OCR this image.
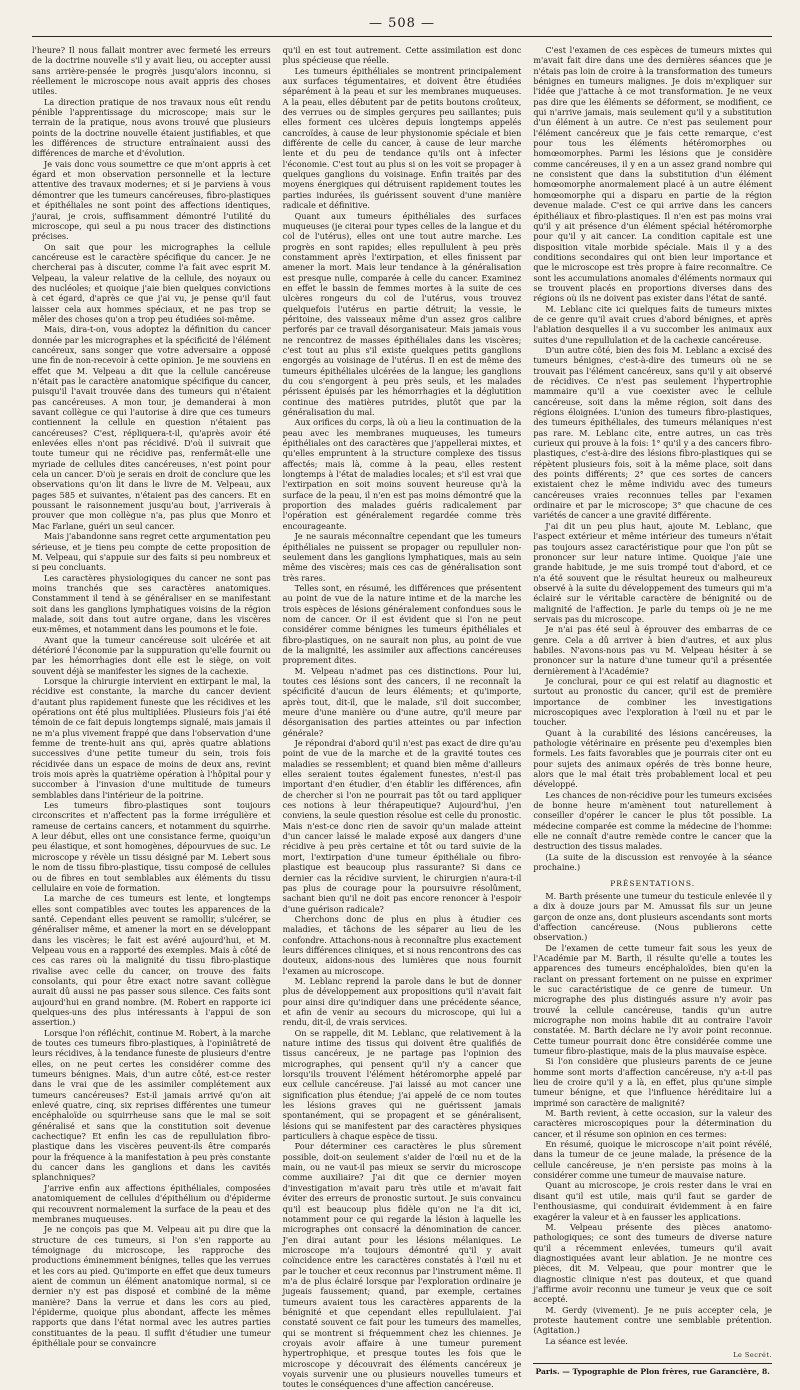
— 508 —

l'heure? Il nous fallait montrer avec fermeté les erreurs de la doctrine nouvelle s'il y avait lieu, ou accepter aussi sans arrière-pensée le progrès jusqu'alors inconnu, si réellement le microscope nous avait appris des choses utiles.

La direction pratique de nos travaux nous eût rendu pénible l'apprentissage du microscope; mais sur le terrain de la pratique, nous avons trouvé que plusieurs points de la doctrine nouvelle étaient justifiables, et que les différences de structure entraînaient aussi des différences de marche et d'évolution.

Je vais donc vous soumettre ce que m'ont appris à cet égard et mon observation personnelle et la lecture attentive des travaux modernes; et si je parviens à vous démontrer que les tumeurs cancéreuses, fibro-plastiques et épithéliales ne sont point des affections identiques, j'aurai, je crois, suffisamment démontré l'utilité du microscope, qui seul a pu nous tracer des distinctions précises.

On sait que pour les micrographes la cellule cancéreuse est le caractère spécifique du cancer. Je ne chercherai pas à discuter, comme l'a fait avec esprit M. Velpeau, la valeur relative de la cellule, des noyaux ou des nucléoles; et quoique j'aie bien quelques convictions à cet égard, d'après ce que j'ai vu, je pense qu'il faut laisser cela aux hommes spéciaux, et ne pas trop se mêler des choses qu'on a trop peu étudiées soi-même.

Mais, dira-t-on, vous adoptez la définition du cancer donnée par les micrographes et la spécificité de l'élément cancéreux, sans songer que votre adversaire a opposé une fin de non-recevoir à cette opinion. Je me souviens en effet que M. Velpeau a dit que la cellule cancéreuse n'était pas le caractère anatomique spécifique du cancer, puisqu'il l'avait trouvée dans des tumeurs qui n'étaient pas cancéreuses. A mon tour, je demanderai à mon savant collègue ce qui l'autorise à dire que ces tumeurs contiennent la cellule en question n'étaient pas cancéreuses? C'est, répliquera-t-il, qu'après avoir été enlevées elles n'ont pas récidivé. D'où il suivrait que toute tumeur qui ne récidive pas, renfermât-elle une myriade de cellules dites cancéreuses, n'est point pour cela un cancer. D'où je serais en droit de conclure que les observations qu'on lit dans le livre de M. Velpeau, aux pages 585 et suivantes, n'étaient pas des cancers. Et en poussant le raisonnement jusqu'au bout, j'arriverais à prouver que mon collègue n'a, pas plus que Monro et Mac Farlane, guéri un seul cancer.

Mais j'abandonne sans regret cette argumentation peu sérieuse, et je tiens peu compte de cette proposition de M. Velpeau, qui s'appuie sur des faits si peu nombreux et si peu concluants.

Les caractères physiologiques du cancer ne sont pas moins tranchés que ses caractères anatomiques. Constamment il tend à se généraliser en se manifestant soit dans les ganglions lymphatiques voisins de la région malade, soit dans tout autre organe, dans les viscères eux-mêmes, et notamment dans les poumons et le foie.

Avant que la tumeur cancéreuse soit ulcérée et ait détérioré l'économie par la suppuration qu'elle fournit ou par les hémorrhagies dont elle est le siège, on voit souvent déjà se manifester les signes de la cachexie.

Lorsque la chirurgie intervient en extirpant le mal, la récidive est constante, la marche du cancer devient d'autant plus rapidement funeste que les récidives et les opérations ont été plus multipliées. Plusieurs fois j'ai été témoin de ce fait depuis longtemps signalé, mais jamais il ne m'a plus vivement frappé que dans l'observation d'une femme de trente-huit ans qui, après quatre ablations successives d'une petite tumeur du sein, trois fois récidivée dans un espace de moins de deux ans, revint trois mois après la quatrième opération à l'hôpital pour y succomber à l'invasion d'une multitude de tumeurs semblables dans l'intérieur de la poitrine.

Les tumeurs fibro-plastiques sont toujours circonscrites et n'affectent pas la forme irrégulière et rameuse de certains cancers, et notamment du squirrhe. A leur début, elles ont une consistance ferme, quoiqu'un peu élastique, et sont homogènes, dépourvues de suc. Le microscope y révèle un tissu désigné par M. Lebert sous le nom de tissu fibro-plastique, tissu composé de cellules ou de fibres en tout semblables aux éléments du tissu cellulaire en voie de formation.

La marche de ces tumeurs est lente, et longtemps elles sont compatibles avec toutes les apparences de la santé. Cependant elles peuvent se ramollir, s'ulcérer, se généraliser même, et amener la mort en se développant dans les viscères; le fait est avéré aujourd'hui, et M. Velpeau vous en a rapporté des exemples. Mais à côté de ces cas rares où la malignité du tissu fibro-plastique rivalise avec celle du cancer, on trouve des faits consolants, qui pour être exact notre savant collègue aurait dû aussi ne pas passer sous silence. Ces faits sont aujourd'hui en grand nombre. (M. Robert en rapporte ici quelques-uns des plus intéressants à l'appui de son assertion.)

Lorsque l'on réfléchit, continue M. Robert, à la marche de toutes ces tumeurs fibro-plastiques, à l'opiniâtreté de leurs récidives, à la tendance funeste de plusieurs d'entre elles, on ne peut certes les considérer comme des tumeurs bénignes. Mais, d'un autre côté, est-ce rester dans le vrai que de les assimiler complétement aux tumeurs cancéreuses? Est-il jamais arrivé qu'on ait enlevé quatre, cinq, six reprises différentes une tumeur encéphaloïde ou squirrheuse sans que le mal se soit généralisé et sans que la constitution soit devenue cachectique? Et enfin les cas de repullulation fibro-plastique dans les viscères peuvent-ils être comparés pour la fréquence à la manifestation à peu près constante du cancer dans les ganglions et dans les cavités splanchniques?

J'arrive enfin aux affections épithéliales, composées anatomiquement de cellules d'épithélium ou d'épiderme qui recouvrent normalement la surface de la peau et des membranes muqueuses.

Je ne conçois pas que M. Velpeau ait pu dire que la structure de ces tumeurs, si l'on s'en rapporte au témoignage du microscope, les rapproche des productions éminemment bénignes, telles que les verrues et les cors au pied. Qu'importe en effet que deux tumeurs aient de commun un élément anatomique normal, si ce dernier n'y est pas disposé et combiné de la même manière? Dans la verrue et dans les cors au pied, l'épiderme, quoique plus abondant, affecte les mêmes rapports que dans l'état normal avec les autres parties constituantes de la peau. Il suffit d'étudier une tumeur épithéliale pour se convaincre

qu'il en est tout autrement. Cette assimilation est donc plus spécieuse que réelle.

Les tumeurs épithéliales se montrent principalement aux surfaces tégumentaires, et doivent être étudiées séparément à la peau et sur les membranes muqueuses. A la peau, elles débutent par de petits boutons croûteux, des verrues ou de simples gerçures peu saillantes; puis elles forment ces ulcères depuis longtemps appelés cancroïdes, à cause de leur physionomie spéciale et bien différente de celle du cancer, à cause de leur marche lente et du peu de tendance qu'ils ont à infecter l'économie. C'est tout au plus si on les voit se propager à quelques ganglions du voisinage. Enfin traités par des moyens énergiques qui détruisent rapidement toutes les parties indurées, ils guérissent souvent d'une manière radicale et définitive.

Quant aux tumeurs épithéliales des surfaces muqueuses (je citerai pour types celles de la langue et du col de l'utérus), elles ont une tout autre marche. Les progrès en sont rapides; elles repullulent à peu près constamment après l'extirpation, et elles finissent par amener la mort. Mais leur tendance à la généralisation est presque nulle, comparée à celle du cancer. Examinez en effet le bassin de femmes mortes à la suite de ces ulcères rongeurs du col de l'utérus, vous trouvez quelquefois l'utérus en partie détruit; la vessie, le péritoine, des vaisseaux même d'un assez gros calibre perforés par ce travail désorganisateur. Mais jamais vous ne rencontrez de masses épithéliales dans les viscères; c'est tout au plus s'il existe quelques petits ganglions engorgés au voisinage de l'utérus. Il en est de même des tumeurs épithéliales ulcérées de la langue; les ganglions du cou s'engorgent à peu près seuls, et les malades périssent épuisés par les hémorrhagies et la déglutition continue des matières putrides, plutôt que par la généralisation du mal.

Aux orifices du corps, là où a lieu la continuation de la peau avec les membranes muqueuses, les tumeurs épithéliales ont des caractères que j'appellerai mixtes, et qu'elles empruntent à la structure complexe des tissus affectés; mais là, comme à la peau, elles restent longtemps à l'état de maladies locales; et s'il est vrai que l'extirpation en soit moins souvent heureuse qu'à la surface de la peau, il n'en est pas moins démontré que la proportion des malades guéris radicalement par l'opération est généralement regardée comme très encourageante.

Je ne saurais méconnaître cependant que les tumeurs épithéliales ne puissent se propager ou repulluler non-seulement dans les ganglions lymphatiques, mais au sein même des viscères; mais ces cas de généralisation sont très rares.

Telles sont, en résumé, les différences que présentent au point de vue de la nature intime et de la marche les trois espèces de lésions généralement confondues sous le nom de cancer. Or il est évident que si l'on ne peut considérer comme bénignes les tumeurs épithéliales et fibro-plastiques, on ne saurait non plus, au point de vue de la malignité, les assimiler aux affections cancéreuses proprement dites.

M. Velpeau n'admet pas ces distinctions. Pour lui, toutes ces lésions sont des cancers, il ne reconnaît la spécificité d'aucun de leurs éléments; et qu'importe, après tout, dit-il, que le malade, s'il doit succomber, meure d'une manière ou d'une autre, qu'il meure par désorganisation des parties atteintes ou par infection générale?

Je répondrai d'abord qu'il n'est pas exact de dire qu'au point de vue de la marche et de la gravité toutes ces maladies se ressemblent; et quand bien même d'ailleurs elles seraient toutes également funestes, n'est-il pas important d'en étudier, d'en établir les différences, afin de chercher si l'on ne pourrait pas tôt ou tard appliquer ces notions à leur thérapeutique? Aujourd'hui, j'en conviens, la seule question résolue est celle du pronostic. Mais n'est-ce donc rien de savoir qu'un malade atteint d'un cancer laissé le malade exposé aux dangers d'une récidive à peu près certaine et tôt ou tard suivie de la mort, l'extirpation d'une tumeur épithéliale ou fibro-plastique est beaucoup plus rassurante? Si dans ce dernier cas la récidive survient, le chirurgien n'aura-t-il pas plus de courage pour la poursuivre résolûment, sachant bien qu'il ne doit pas encore renoncer à l'espoir d'une guérison radicale?

Cherchons donc de plus en plus à étudier ces maladies, et tâchons de les séparer au lieu de les confondre. Attachons-nous à reconnaître plus exactement leurs différences cliniques, et si nous rencontrons des cas douteux, aidons-nous des lumières que nous fournit l'examen au microscope.

M. Leblanc reprend la parole dans le but de donner plus de développement aux propositions qu'il n'avait fait pour ainsi dire qu'indiquer dans une précédente séance, et afin de venir au secours du microscope, qui lui a rendu, dit-il, de vrais services.

On se rappelle, dit M. Leblanc, que relativement à la nature intime des tissus qui doivent être qualifiés de tissus cancéreux, je ne partage pas l'opinion des micrographes, qui pensent qu'il n'y a cancer que lorsqu'ils trouvent l'élément hétéromorphe appelé par eux cellule cancéreuse. J'ai laissé au mot cancer une signification plus étendue; j'ai appelé de ce nom toutes les lésions graves qui ne guérissent jamais spontanément, qui se propagent et se généralisent, lésions qui se manifestent par des caractères physiques particuliers à chaque espèce de tissu.

Pour déterminer ces caractères le plus sûrement possible, doit-on seulement s'aider de l'œil nu et de la main, ou ne vaut-il pas mieux se servir du microscope comme auxiliaire? J'ai dit que ce dernier moyen d'investigation m'avait paru très utile et m'avait fait éviter des erreurs de pronostic surtout. Je suis convaincu qu'il est beaucoup plus fidèle qu'on ne l'a dit ici, notamment pour ce qui regarde la lésion à laquelle les micrographes ont consacré la dénomination de cancer. J'en dirai autant pour les lésions mélaniques. Le microscope m'a toujours démontré qu'il y avait coïncidence entre les caractères constatés à l'œil nu et par le toucher et ceux reconnus par l'instrument même. Il m'a de plus éclairé lorsque par l'exploration ordinaire je jugeais faussement; quand, par exemple, certaines tumeurs avaient tous les caractères apparents de la bénignité et que cependant elles repullulaient. J'ai constaté souvent ce fait pour les tumeurs des mamelles, qui se montrent si fréquemment chez les chiennes. Je croyais avoir affaire à une tumeur purement hypertrophique, et presque toutes les fois que le microscope y découvrait des éléments cancéreux je voyais survenir une ou plusieurs nouvelles tumeurs et toutes le conséquences d'une affection cancéreuse.

C'est l'examen de ces espèces de tumeurs mixtes qui m'avait fait dire dans une des dernières séances que je n'étais pas loin de croire à la transformation des tumeurs bénignes en tumeurs malignes. Je dois m'expliquer sur l'idée que j'attache à ce mot transformation. Je ne veux pas dire que les éléments se déforment, se modifient, ce qui n'arrive jamais, mais seulement qu'il y a substitution d'un élément à un autre. Ce n'est pas seulement pour l'élément cancéreux que je fais cette remarque, c'est pour tous les éléments hétéromorphes ou homœomorphes. Parmi les lésions que je considère comme cancéreuses, il y en a un assez grand nombre qui ne consistent que dans la substitution d'un élément homœomorphe anormalement placé à un autre élément homœomorphe qui a disparu en partie de la région devenue malade. C'est ce qui arrive dans les cancers épithéliaux et fibro-plastiques. Il n'en est pas moins vrai qu'il y ait présence d'un élément spécial hétéromorphe pour qu'il y ait cancer. La condition capitale est une disposition vitale morbide spéciale. Mais il y a des conditions secondaires qui ont bien leur importance et que le microscope est très propre à faire reconnaître. Ce sont les accumulations anomales d'éléments normaux qui se trouvent placés en proportions diverses dans des régions où ils ne doivent pas exister dans l'état de santé.

M. Leblanc cite ici quelques faits de tumeurs mixtes de ce genre qu'il avait crues d'abord bénignes, et après l'ablation desquelles il a vu succomber les animaux aux suites d'une repullulation et de la cachexie cancéreuse.

D'un autre côté, bien des fois M. Leblanc a excisé des tumeurs bénignes, c'est-à-dire des tumeurs où ne se trouvait pas l'élément cancéreux, sans qu'il y ait observé de récidives. Ce n'est pas seulement l'hypertrophie mammaire qu'il a vue coexister avec le cellule cancéreuse, soit dans la même région, soit dans des régions éloignées. L'union des tumeurs fibro-plastiques, des tumeurs épithéliales, des tumeurs mélaniques n'est pas rare. M. Leblanc cite, entre autres, un cas très curieux qui prouve à la fois: 1° qu'il y a des cancers fibro-plastiques, c'est-à-dire des lésions fibro-plastiques qui se répètent plusieurs fois, soit à la même place, soit dans des points différents; 2° que ces sortes de cancers existaient chez le même individu avec des tumeurs cancéreuses vraies reconnues telles par l'examen ordinaire et par le microscope; 3° que chacune de ces variétés de cancer a une gravité différente.

J'ai dit un peu plus haut, ajoute M. Leblanc, que l'aspect extérieur et même intérieur des tumeurs n'était pas toujours assez caractéristique pour que l'on pût se prononcer sur leur nature intime. Quoique j'aie une grande habitude, je me suis trompé tout d'abord, et ce n'a été souvent que le résultat heureux ou malheureux observé à la suite du développement des tumeurs qui m'a éclairé sur le véritable caractère de bénignité ou de malignité de l'affection. Je parle du temps où je ne me servais pas du microscope.

Je n'ai pas été seul à éprouver des embarras de ce genre. Cela a dû arriver à bien d'autres, et aux plus habiles. N'avons-nous pas vu M. Velpeau hésiter à se prononcer sur la nature d'une tumeur qu'il a présentée dernièrement à l'Académie?

Je conclurai, pour ce qui est relatif au diagnostic et surtout au pronostic du cancer, qu'il est de première importance de combiner les investigations microscopiques avec l'exploration à l'œil nu et par le toucher.

Quant à la curabilité des lésions cancéreuses, la pathologie vétérinaire en présente peu d'exemples bien formels. Les faits favorables que je pourrais citer ont eu pour sujets des animaux opérés de très bonne heure, alors que le mal était très probablement local et peu développé.

Les chances de non-récidive pour les tumeurs excisées de bonne heure m'amènent tout naturellement à conseiller d'opérer le cancer le plus tôt possible. La médecine comparée est comme la médecine de l'homme: elle ne connaît d'autre remède contre le cancer que la destruction des tissus malades.

(La suite de la discussion est renvoyée à la séance prochaine.)

PRÉSENTATIONS.

M. Barth présente une tumeur du testicule enlevée il y a dix à douze jours par M. Amussat fils sur un jeune garçon de onze ans, dont plusieurs ascendants sont morts d'affection cancéreuse. (Nous publierons cette observation.)

De l'examen de cette tumeur fait sous les yeux de l'Académie par M. Barth, il résulte qu'elle a toutes les apparences des tumeurs encéphaloïdes, bien qu'en la raclant on pressant fortement on ne puisse en exprimer le suc caractéristique de ce genre de tumeur. Un micrographe des plus distingués assure n'y avoir pas trouvé la cellule cancéreuse, tandis qu'un autre micrographe non moins habile dit au contraire l'avoir constatée. M. Barth déclare ne l'y avoir point reconnue. Cette tumeur pourrait donc être considérée comme une tumeur fibro-plastique, mais de la plus mauvaise espèce.

Si l'on considère que plusieurs parents de ce jeune homme sont morts d'affection cancéreuse, n'y a-t-il pas lieu de croire qu'il y a là, en effet, plus qu'une simple tumeur bénigne, et que l'influence héréditaire lui a imprimé son caractère de malignité?

M. Barth revient, à cette occasion, sur la valeur des caractères microscopiques pour la détermination du cancer, et il résume son opinion en ces termes:

En résumé, quoique le microscope n'ait point révélé, dans la tumeur de ce jeune malade, la présence de la cellule cancéreuse, je n'en persiste pas moins à la considérer comme une tumeur de mauvaise nature.

Quant au microscope, je crois rester dans le vrai en disant qu'il est utile, mais qu'il faut se garder de l'enthousiasme, qui conduirait évidemment à en faire exagérer la valeur et à en fausser les applications.

M. Velpeau présente des pièces anatomo-pathologiques; ce sont des tumeurs de diverse nature qu'il a récemment enlevées, tumeurs qu'il avait diagnostiquées avant leur ablation. Je ne montre ces pièces, dit M. Velpeau, que pour montrer que le diagnostic clinique n'est pas douteux, et que quand j'affirme avoir reconnu une tumeur je veux que ce soit accepté.

M. Gerdy (vivement). Je ne puis accepter cela, je proteste hautement contre une semblable prétention. (Agitation.)

La séance est levée.

Le Secrét.
Paris. — Typographie de Plon frères, rue Garancière, 8.
